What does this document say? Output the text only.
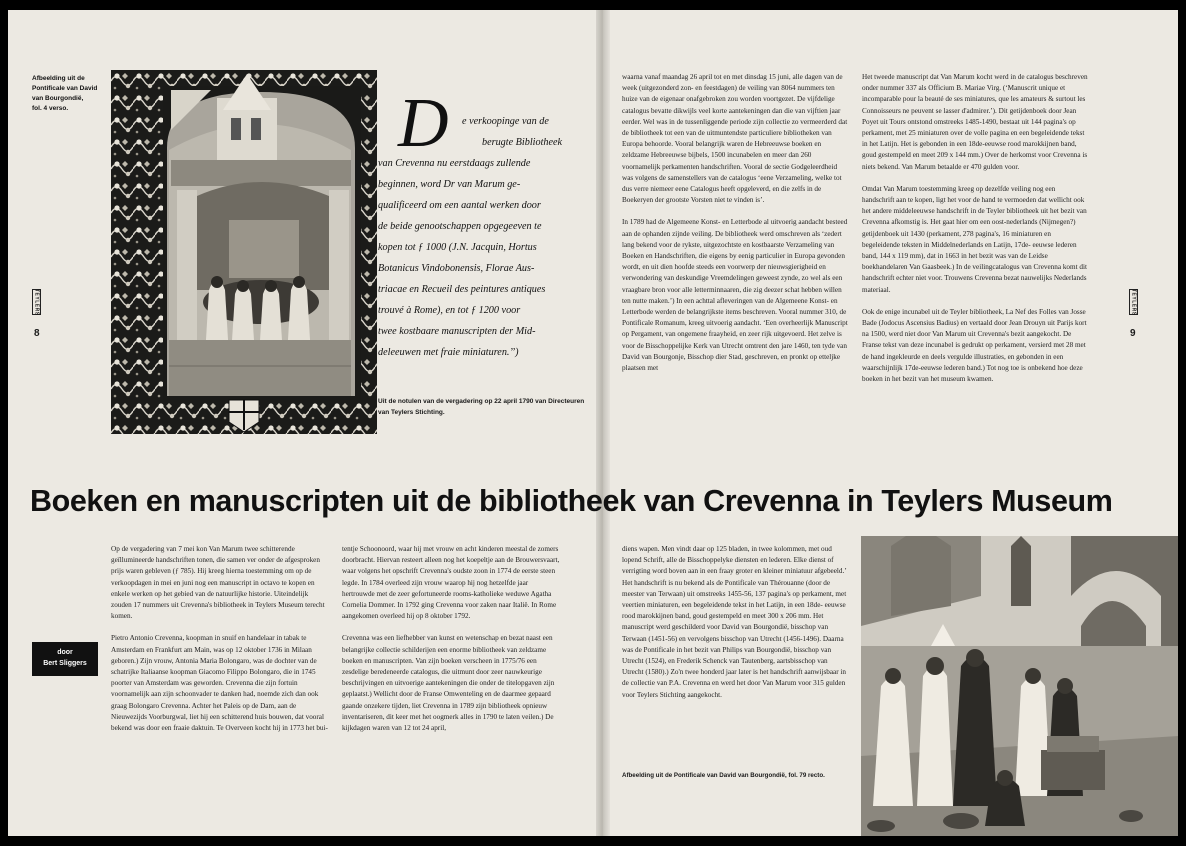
Afbeelding uit de
Pontificale van David
van Bourgondië,
fol. 4 verso.
TEYLERS
8
D e verkoopinge van de
berugte Bibliotheek
van Crevenna nu eerstdaags zullende
beginnen, word Dr van Marum ge-
qualificeerd om een aantal werken door
de beide genootschappen opgegeeven te
kopen tot ƒ 1000 (J.N. Jacquin, Hortus
Botanicus Vindobonensis, Florae Aus-
triacae en Recueil des peintures antiques
trouvé à Rome), en tot ƒ 1200 voor
twee kostbaare manuscripten der Mid-
deleeuwen met fraie miniaturen.’’)
Uit de notulen van de vergadering op 22 april 1790 van Directeuren van Teylers Stichting.

waarna vanaf maandag 26 april tot en met dinsdag 15 juni, alle dagen van de week (uitgezonderd zon- en feestdagen) de veiling van 8064 nummers ten huize van de eigenaar onafgebroken zou worden voortgezet. De vijfdelige catalogus bevatte dikwijls veel korte aantekeningen dan die van vijftien jaar eerder. Wel was in de tussenliggende periode zijn collectie zo vermeerderd dat de bibliotheek tot een van de uitmuntendste particuliere bibliotheken van Europa behoorde. Vooral belangrijk waren de Hebreeuwse boeken en zeldzame Hebreeuwse bijbels, 1500 incunabelen en meer dan 260 voornamelijk perkamenten handschriften. Vooral de sectie Godgeleerdheid was volgens de samenstellers van de catalogus ‘eene Verzameling, welke tot dus verre niemeer eene Catalogus heeft opgeleverd, en die zelfs in de Boekeryen der grootste Vorsten niet te vinden is’.

In 1789 had de Algemeene Konst- en Letterbode al uitvoerig aandacht besteed aan de ophanden zijnde veiling. De bibliotheek werd omschreven als ‘zedert lang bekend voor de rykste, uitgezochtste en kostbaarste Verzameling van Boeken en Handschriften, die eigens by eenig particulier in Europa gevonden wordt, en uit dien hoofde steeds een voorwerp der nieuwsgierigheid en verwondering van deskundige Vreemdelingen geweest zynde, zo wel als een vraagbare bron voor alle letterminnaaren, die zig deezer schat hebben willen ten nutte maken.’) In een achttal afleveringen van de Algemeene Konst- en Letterbode werden de belangrijkste items beschreven. Vooral nummer 310, de Pontificale Romanum, kreeg uitvoerig aandacht. ‘Een overheerlijk Manuscript op Pergament, van ongemene fraayheid, en zeer rijk uitgevoerd. Het zelve is voor de Bisschoppelijke Kerk van Utrecht omtrent den jare 1460, ten tyde van David van Bourgonje, Bisschop dier Stad, geschreven, en pronkt op etteljke plaatsen met

Het tweede manuscript dat Van Marum kocht werd in de catalogus beschreven onder nummer 337 als Officium B. Mariae Virg. (‘Manuscrit unique et incomparable pour la beauté de ses miniatures, que les amateurs & surtout les Connoisseurs ne peuvent se lasser d'admirer.’). Dit getijdenboek door Jean Poyet uit Tours ontstond omstreeks 1485-1490, bestaat uit 144 pagina's op perkament, met 25 miniaturen over de volle pagina en een begeleidende tekst in het Latijn. Het is gebonden in een 18de-eeuwse rood marokkijnen band, goud gestempeld en meet 209 x 144 mm.) Over de herkomst voor Crevenna is niets bekend. Van Marum betaalde er 470 gulden voor.

Omdat Van Marum toestemming kreeg op dezelfde veiling nog een handschrift aan te kopen, ligt het voor de hand te vermoeden dat wellicht ook het andere middeleeuwse handschrift in de Teyler bibliotheek uit het bezit van Crevenna afkomstig is. Het gaat hier om een oost-nederlands (Nijmegen?) getijdenboek uit 1430 (perkament, 278 pagina's, 16 miniaturen en begeleidende teksten in Middelnederlands en Latijn, 17de- eeuwse lederen band, 144 x 119 mm), dat in 1663 in het bezit was van de Leidse boekhandelaren Van Gaasbeek.) In de veilingcatalogus van Crevenna komt dit handschrift echter niet voor. Trouwens Crevenna bezat nauwelijks Nederlands materiaal.

Ook de enige incunabel uit de Teyler bibliotheek, La Nef des Folles van Josse Bade (Jodocus Ascensius Badius) en vertaald door Jean Drouyn uit Parijs kort na 1500, werd niet door Van Marum uit Crevenna's bezit aangekocht. De Franse tekst van deze incunabel is gedrukt op perkament, versierd met 28 met de hand ingekleurde en deels vergulde illustraties, en gebonden in een waarschijnlijk 17de-eeuwse lederen band.) Tot nog toe is onbekend hoe deze boeken in het bezit van het museum kwamen.

TEYLERS
9
Boeken en manuscripten uit de bibliotheek van Crevenna in Teylers Museum

Op de vergadering van 7 mei kon Van Marum twee schitterende geïllumineerde handschriften tonen, die samen ver onder de afgesproken prijs waren gebleven (ƒ 785). Hij kreeg hierna toestemming om op de verkoopdagen in mei en juni nog een manuscript in octavo te kopen en enkele werken op het gebied van de natuurlijke historie. Uiteindelijk zouden 17 nummers uit Crevenna's bibliotheek in Teylers Museum terecht komen.

Pietro Antonio Crevenna, koopman in snuif en handelaar in tabak te Amsterdam en Frankfurt am Main, was op 12 oktober 1736 in Milaan geboren.) Zijn vrouw, Antonia Maria Bolongaro, was de dochter van de schatrijke Italiaanse koopman Giacomo Filippo Bolongaro, die in 1745 poorter van Amsterdam was geworden. Crevenna die zijn fortuin voornamelijk aan zijn schoonvader te danken had, noemde zich dan ook graag Bolongaro Crevenna. Achter het Paleis op de Dam, aan de Nieuwezijds Voorburgwal, liet hij een schitterend huis bouwen, dat vooral bekend was door een fraaie daktuin. Te Overveen kocht hij in 1773 het bui-

door
Bert Sliggers

tentje Schoonoord, waar hij met vrouw en acht kinderen meestal de zomers doorbracht. Hiervan resteert alleen nog het koepeltje aan de Brouwersvaart, waar volgens het opschrift Crevenna's oudste zoon in 1774 de eerste steen legde. In 1784 overleed zijn vrouw waarop hij nog hetzelfde jaar hertrouwde met de zeer gefortuneerde rooms-katholieke weduwe Agatha Cornelia Dommer. In 1792 ging Crevenna voor zaken naar Italië. In Rome aangekomen overleed hij op 8 oktober 1792.

Crevenna was een liefhebber van kunst en wetenschap en bezat naast een belangrijke collectie schilderijen een enorme bibliotheek van zeldzame boeken en manuscripten. Van zijn boeken verscheen in 1775/76 een zesdelige beredeneerde catalogus, die uitmunt door zeer nauwkeurige beschrijvingen en uitvoerige aantekeningen die onder de titelopgaven zijn geplaatst.) Wellicht door de Franse Omwenteling en de daarmee gepaard gaande onzekere tijden, liet Crevenna in 1789 zijn bibliotheek opnieuw inventariseren, dit keer met het oogmerk alles in 1790 te laten veilen.) De kijkdagen waren van 12 tot 24 april,

diens wapen. Men vindt daar op 125 bladen, in twee kolommen, met oud lopend Schrift, alle de Bisschoppelyke diensten en lederen. Elke dienst of verrigting word boven aan in een fraay groter en kleiner miniatuur afgebeeld.’ Het handschrift is nu bekend als de Pontificale van Thérouanne (door de meester van Terwaan) uit omstreeks 1455-56, 137 pagina's op perkament, met veertien miniaturen, een begeleidende tekst in het Latijn, in een 18de- eeuwse rood marokkijnen band, goud gestempeld en meet 300 x 206 mm. Het manuscript werd geschilderd voor David van Bourgondië, bisschop van Terwaan (1451-56) en vervolgens bisschop van Utrecht (1456-1496). Daarna was de Pontificale in het bezit van Philips van Bourgondië, bisschop van Utrecht (1524), en Frederik Schenck van Tautenberg, aartsbisschop van Utrecht (1580).) Zo'n twee honderd jaar later is het handschrift aanwijsbaar in de collectie van P.A. Crevenna en werd het door Van Marum voor 315 gulden voor Teylers Stichting aangekocht.

Afbeelding uit de Pontificale van David van Bourgondië, fol. 79 recto.
